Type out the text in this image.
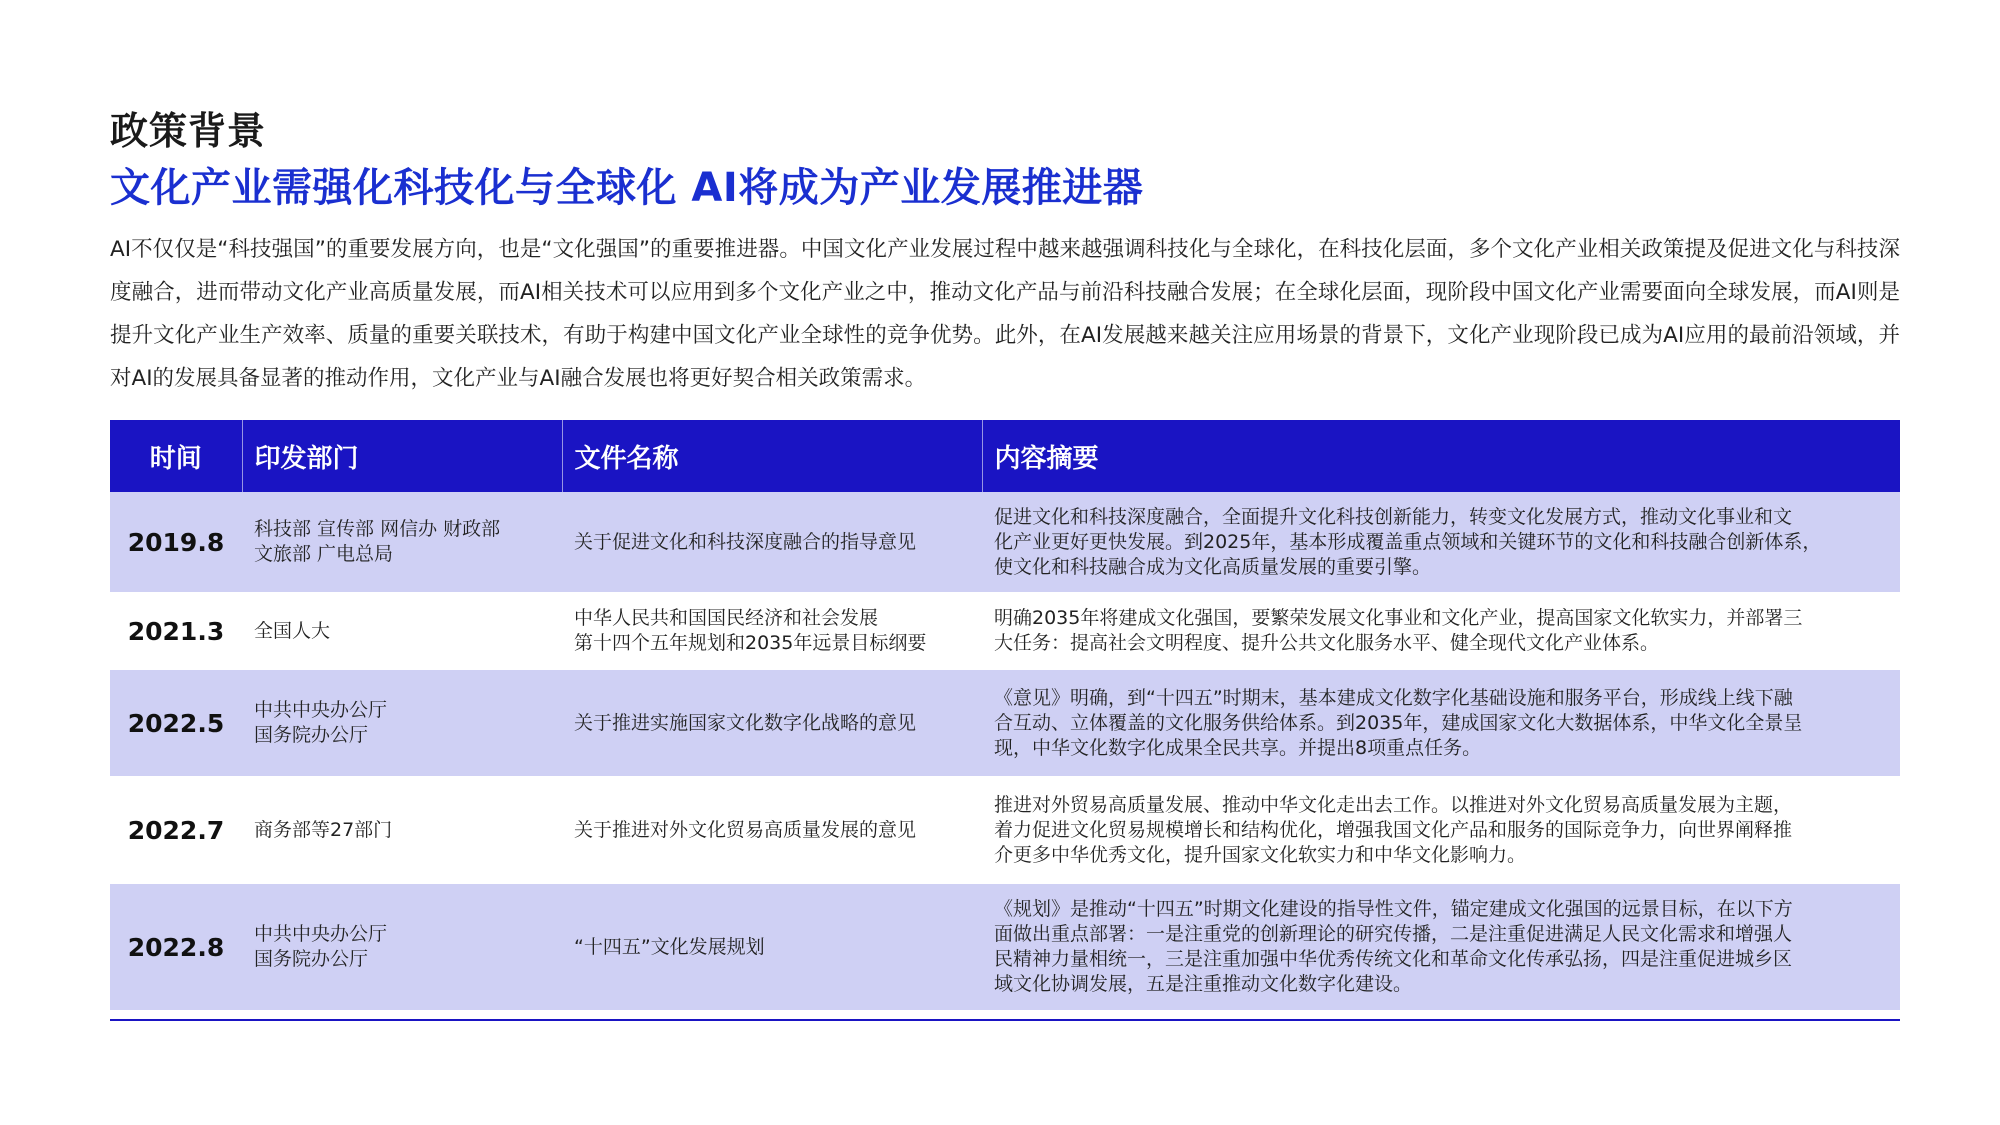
政策背景
文化产业需强化科技化与全球化 AI将成为产业发展推进器
AI不仅仅是“科技强国”的重要发展方向，也是“文化强国”的重要推进器。中国文化产业发展过程中越来越强调科技化与全球化，在科技化层面，多个文化产业相关政策提及促进文化与科技深度融合，进而带动文化产业高质量发展，而AI相关技术可以应用到多个文化产业之中，推动文化产品与前沿科技融合发展；在全球化层面，现阶段中国文化产业需要面向全球发展，而AI则是提升文化产业生产效率、质量的重要关联技术，有助于构建中国文化产业全球性的竞争优势。此外，在AI发展越来越关注应用场景的背景下，文化产业现阶段已成为AI应用的最前沿领域，并对AI的发展具备显著的推动作用，文化产业与AI融合发展也将更好契合相关政策需求。
时间	印发部门	文件名称	内容摘要
2019.8	科技部 宣传部 网信办 财政部
文旅部 广电总局	关于促进文化和科技深度融合的指导意见	促进文化和科技深度融合，全面提升文化科技创新能力，转变文化发展方式，推动文化事业和文
化产业更好更快发展。到2025年，基本形成覆盖重点领域和关键环节的文化和科技融合创新体系，
使文化和科技融合成为文化高质量发展的重要引擎。

2021.3	全国人大	中华人民共和国国民经济和社会发展
第十四个五年规划和2035年远景目标纲要	明确2035年将建成文化强国，要繁荣发展文化事业和文化产业，提高国家文化软实力，并部署三
大任务：提高社会文明程度、提升公共文化服务水平、健全现代文化产业体系。

2022.5	中共中央办公厅
国务院办公厅	关于推进实施国家文化数字化战略的意见	《意见》明确，到“十四五”时期末，基本建成文化数字化基础设施和服务平台，形成线上线下融
合互动、立体覆盖的文化服务供给体系。到2035年，建成国家文化大数据体系，中华文化全景呈
现，中华文化数字化成果全民共享。并提出8项重点任务。

2022.7	商务部等27部门	关于推进对外文化贸易高质量发展的意见	推进对外贸易高质量发展、推动中华文化走出去工作。以推进对外文化贸易高质量发展为主题，
着力促进文化贸易规模增长和结构优化，增强我国文化产品和服务的国际竞争力，向世界阐释推
介更多中华优秀文化，提升国家文化软实力和中华文化影响力。

2022.8	中共中央办公厅
国务院办公厅	“十四五”文化发展规划	《规划》是推动“十四五”时期文化建设的指导性文件，锚定建成文化强国的远景目标，在以下方
面做出重点部署：一是注重党的创新理论的研究传播，二是注重促进满足人民文化需求和增强人
民精神力量相统一，三是注重加强中华优秀传统文化和革命文化传承弘扬，四是注重促进城乡区
域文化协调发展，五是注重推动文化数字化建设。
